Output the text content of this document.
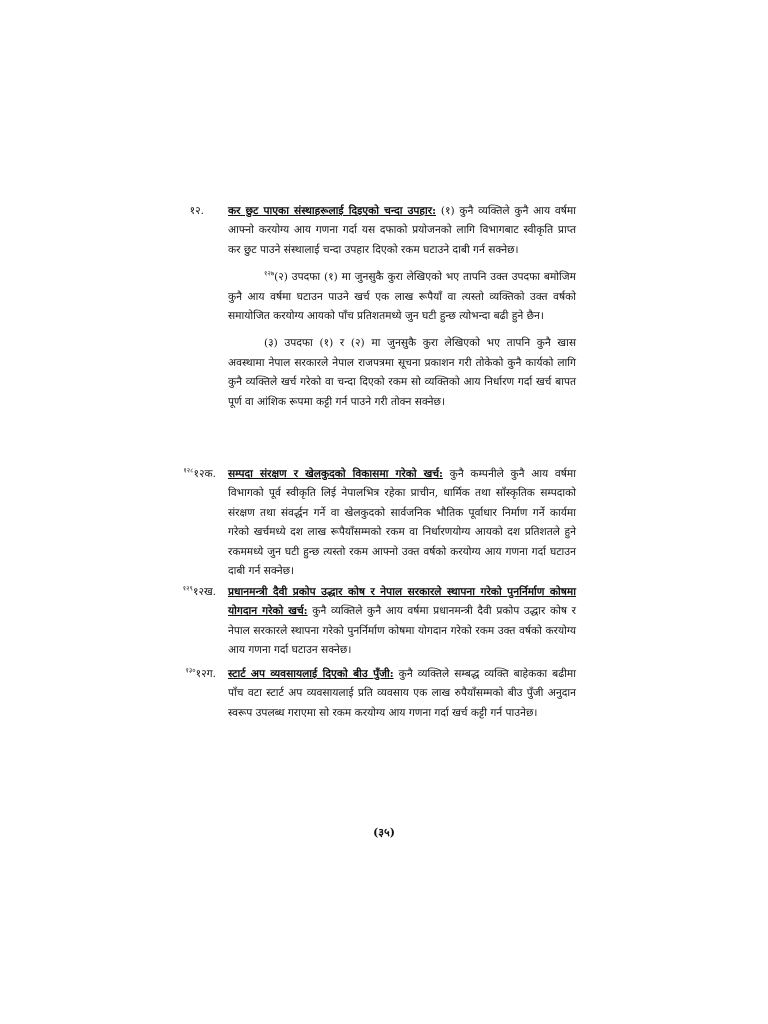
१२. कर छुट पाएका संस्थाहरूलाई दिइएको चन्दा उपहार: (१) कुनै व्यक्तिले कुनै आय वर्षमा आफ्नो करयोग्य आय गणना गर्दा यस दफाको प्रयोजनको लागि विभागबाट स्वीकृति प्राप्त कर छुट पाउने संस्थालाई चन्दा उपहार दिएको रकम घटाउने दाबी गर्न सक्नेछ।

$^{१२७}$(२) उपदफा (१) मा जुनसुकै कुरा लेखिएको भए तापनि उक्त उपदफा बमोजिम कुनै आय वर्षमा घटाउन पाउने खर्च एक लाख रूपैयाँ वा त्यस्तो व्यक्तिको उक्त वर्षको समायोजित करयोग्य आयको पाँच प्रतिशतमध्ये जुन घटी हुन्छ त्योभन्दा बढी हुने छैन।

(३) उपदफा (१) र (२) मा जुनसुकै कुरा लेखिएको भए तापनि कुनै खास अवस्थामा नेपाल सरकारले नेपाल राजपत्रमा सूचना प्रकाशन गरी तोकेको कुनै कार्यको लागि कुनै व्यक्तिले खर्च गरेको वा चन्दा दिएको रकम सो व्यक्तिको आय निर्धारण गर्दा खर्च बापत पूर्ण वा आंशिक रूपमा कट्टी गर्न पाउने गरी तोक्न सक्नेछ।

$^{१२८}$१२क. सम्पदा संरक्षण र खेलकुदको विकासमा गरेको खर्च: कुनै कम्पनीले कुनै आय वर्षमा विभागको पूर्व स्वीकृति लिई नेपालभित्र रहेका प्राचीन, धार्मिक तथा साँस्कृतिक सम्पदाको संरक्षण तथा संवर्द्धन गर्ने वा खेलकुदको सार्वजनिक भौतिक पूर्वाधार निर्माण गर्ने कार्यमा गरेको खर्चमध्ये दश लाख रूपैयाँसम्मको रकम वा निर्धारणयोग्य आयको दश प्रतिशतले हुने रकममध्ये जुन घटी हुन्छ त्यस्तो रकम आफ्नो उक्त वर्षको करयोग्य आय गणना गर्दा घटाउन दाबी गर्न सक्नेछ।

$^{१२९}$१२ख. प्रधानमन्त्री दैवी प्रकोप उद्धार कोष र नेपाल सरकारले स्थापना गरेको पुनर्निर्माण कोषमा योगदान गरेको खर्च: कुनै व्यक्तिले कुनै आय वर्षमा प्रधानमन्त्री दैवी प्रकोप उद्धार कोष र नेपाल सरकारले स्थापना गरेको पुनर्निर्माण कोषमा योगदान गरेको रकम उक्त वर्षको करयोग्य आय गणना गर्दा घटाउन सक्नेछ।

$^{१३०}$१२ग. स्टार्ट अप व्यवसायलाई दिएको बीउ पुँजी: कुनै व्यक्तिले सम्बद्ध व्यक्ति बाहेकका बढीमा पाँच वटा स्टार्ट अप व्यवसायलाई प्रति व्यवसाय एक लाख रुपैयाँसम्मको बीउ पुँजी अनुदान स्वरूप उपलब्ध गराएमा सो रकम करयोग्य आय गणना गर्दा खर्च कट्टी गर्न पाउनेछ।

(३५)
